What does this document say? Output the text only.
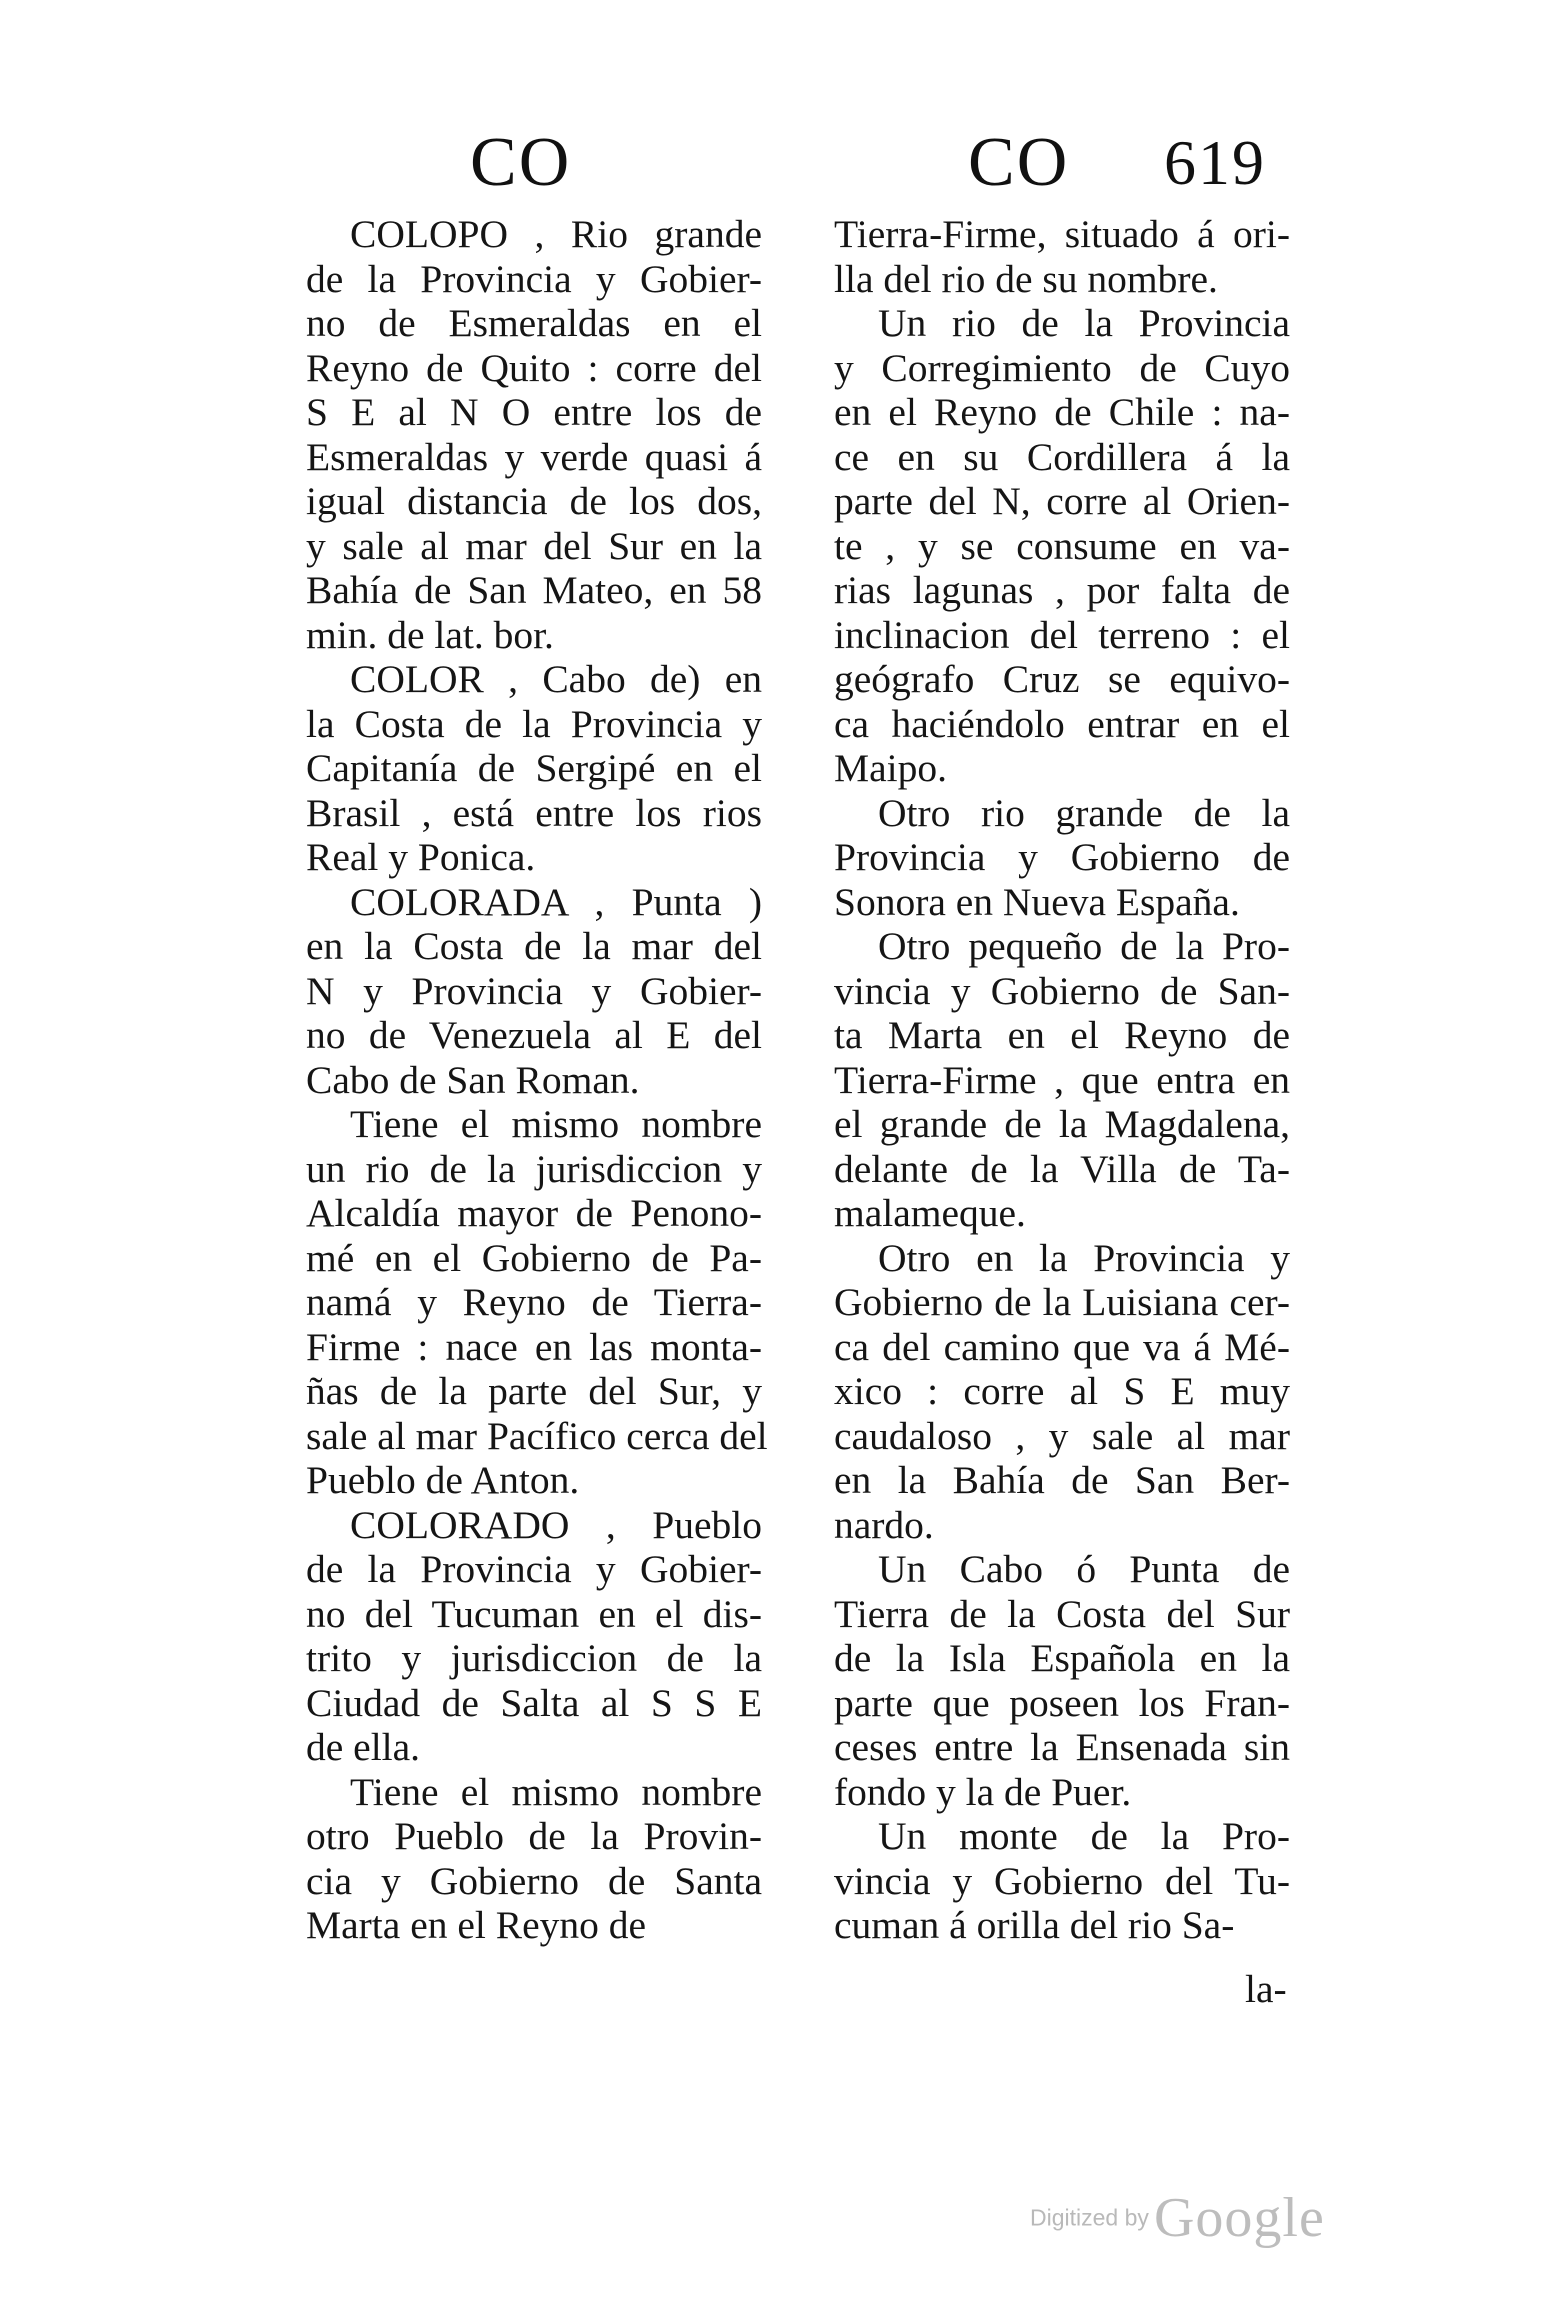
CO	CO 619
COLOPO , Rio grande
de la Provincia y Gobier-
no de Esmeraldas en el
Reyno de Quito : corre del
S E al N O entre los de
Esmeraldas y verde quasi á
igual distancia de los dos,
y sale al mar del Sur en la
Bahía de San Mateo, en 58
min. de lat. bor.
COLOR , Cabo de) en
la Costa de la Provincia y
Capitanía de Sergipé en el
Brasil , está entre los rios
Real y Ponica.
COLORADA , Punta )
en la Costa de la mar del
N y Provincia y Gobier-
no de Venezuela al E del
Cabo de San Roman.
Tiene el mismo nombre
un rio de la jurisdiccion y
Alcaldía mayor de Penono-
mé en el Gobierno de Pa-
namá y Reyno de Tierra-
Firme : nace en las monta-
ñas de la parte del Sur, y
sale al mar Pacífico cerca del
Pueblo de Anton.
COLORADO , Pueblo
de la Provincia y Gobier-
no del Tucuman en el dis-
trito y jurisdiccion de la
Ciudad de Salta al S S E
de ella.
Tiene el mismo nombre
otro Pueblo de la Provin-
cia y Gobierno de Santa
Marta en el Reyno de
Tierra-Firme, situado á ori-
lla del rio de su nombre.
Un rio de la Provincia
y Corregimiento de Cuyo
en el Reyno de Chile : na-
ce en su Cordillera á la
parte del N, corre al Orien-
te , y se consume en va-
rias lagunas , por falta de
inclinacion del terreno : el
geógrafo Cruz se equivo-
ca haciéndolo entrar en el
Maipo.
Otro rio grande de la
Provincia y Gobierno de
Sonora en Nueva España.
Otro pequeño de la Pro-
vincia y Gobierno de San-
ta Marta en el Reyno de
Tierra-Firme , que entra en
el grande de la Magdalena,
delante de la Villa de Ta-
malameque.
Otro en la Provincia y
Gobierno de la Luisiana cer-
ca del camino que va á Mé-
xico : corre al S E muy
caudaloso , y sale al mar
en la Bahía de San Ber-
nardo.
Un Cabo ó Punta de
Tierra de la Costa del Sur
de la Isla Española en la
parte que poseen los Fran-
ceses entre la Ensenada sin
fondo y la de Puer.
Un monte de la Pro-
vincia y Gobierno del Tu-
cuman á orilla del rio Sa-
la-
Digitized by Google
